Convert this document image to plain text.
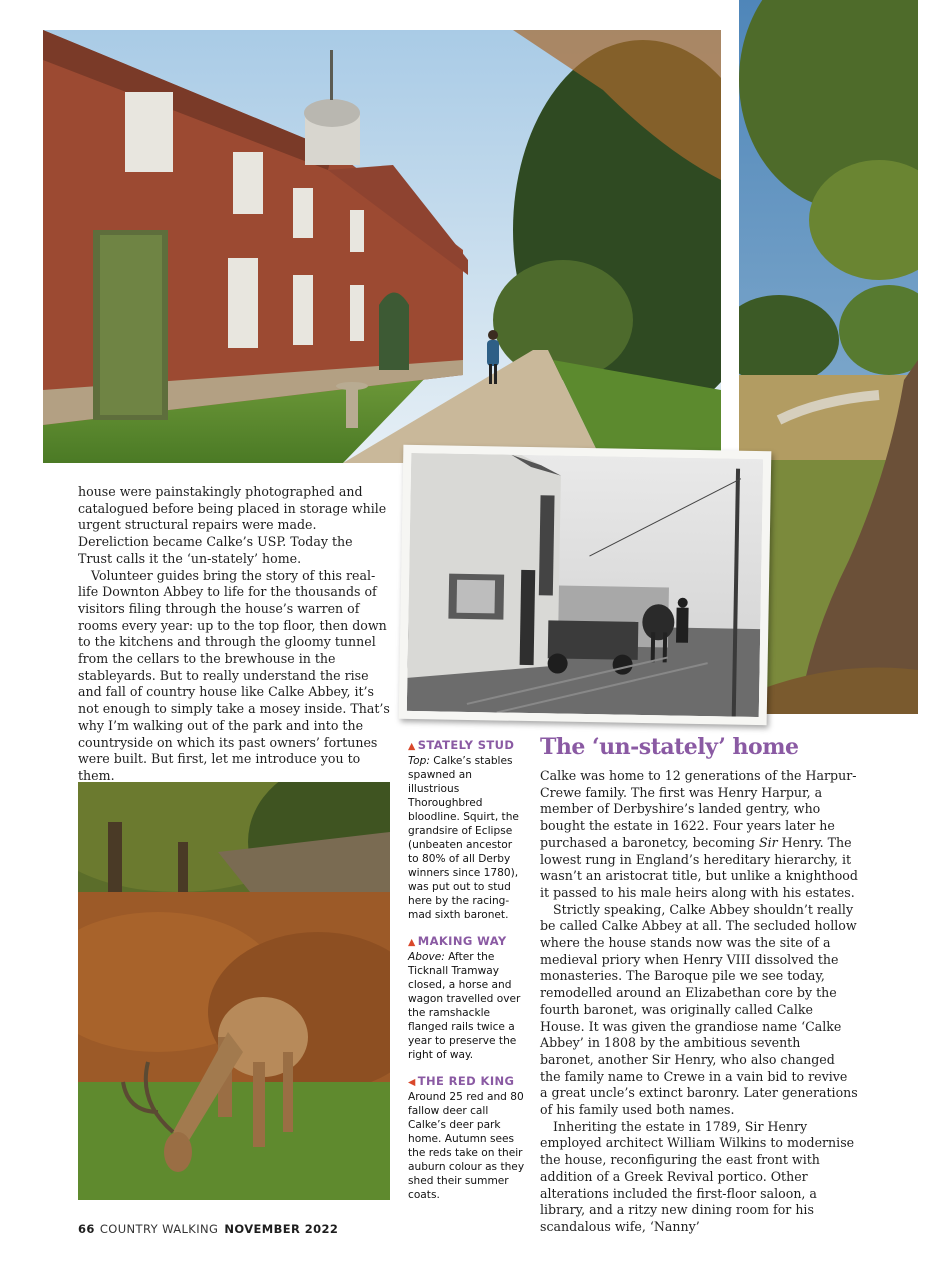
house were painstakingly photographed and catalogued before being placed in storage while urgent structural repairs were made. Dereliction became Calke’s USP. Today the Trust calls it the ‘un-stately’ home.

Volunteer guides bring the story of this real-life Downton Abbey to life for the thousands of visitors filing through the house’s warren of rooms every year: up to the top floor, then down to the kitchens and through the gloomy tunnel from the cellars to the brewhouse in the stableyards. But to really understand the rise and fall of country house like Calke Abbey, it’s not enough to simply take a mosey inside. That’s why I’m walking out of the park and into the countryside on which its past owners’ fortunes were built. But first, let me introduce you to them.

▲ STATELY STUD
Top: Calke’s stables spawned an illustrious Thoroughbred bloodline. Squirt, the grandsire of Eclipse (unbeaten ancestor to 80% of all Derby winners since 1780), was put out to stud here by the racing-mad sixth baronet.
▲ MAKING WAY
Above: After the Ticknall Tramway closed, a horse and wagon travelled over the ramshackle flanged rails twice a year to preserve the right of way.
◀ THE RED KING
Around 25 red and 80 fallow deer call Calke’s deer park home. Autumn sees the reds take on their auburn colour as they shed their summer coats.
The ‘un-stately’ home

Calke was home to 12 generations of the Harpur-Crewe family. The first was Henry Harpur, a member of Derbyshire’s landed gentry, who bought the estate in 1622. Four years later he purchased a baronetcy, becoming Sir Henry. The lowest rung in England’s hereditary hierarchy, it wasn’t an aristocrat title, but unlike a knighthood it passed to his male heirs along with his estates.

Strictly speaking, Calke Abbey shouldn’t really be called Calke Abbey at all. The secluded hollow where the house stands now was the site of a medieval priory when Henry VIII dissolved the monasteries. The Baroque pile we see today, remodelled around an Elizabethan core by the fourth baronet, was originally called Calke House. It was given the grandiose name ‘Calke Abbey’ in 1808 by the ambitious seventh baronet, another Sir Henry, who also changed the family name to Crewe in a vain bid to revive a great uncle’s extinct baronry. Later generations of his family used both names.

Inheriting the estate in 1789, Sir Henry employed architect William Wilkins to modernise the house, reconfiguring the east front with addition of a Greek Revival portico. Other alterations included the first-floor saloon, a library, and a ritzy new dining room for his scandalous wife, ‘Nanny’

66 COUNTRY WALKING NOVEMBER 2022
